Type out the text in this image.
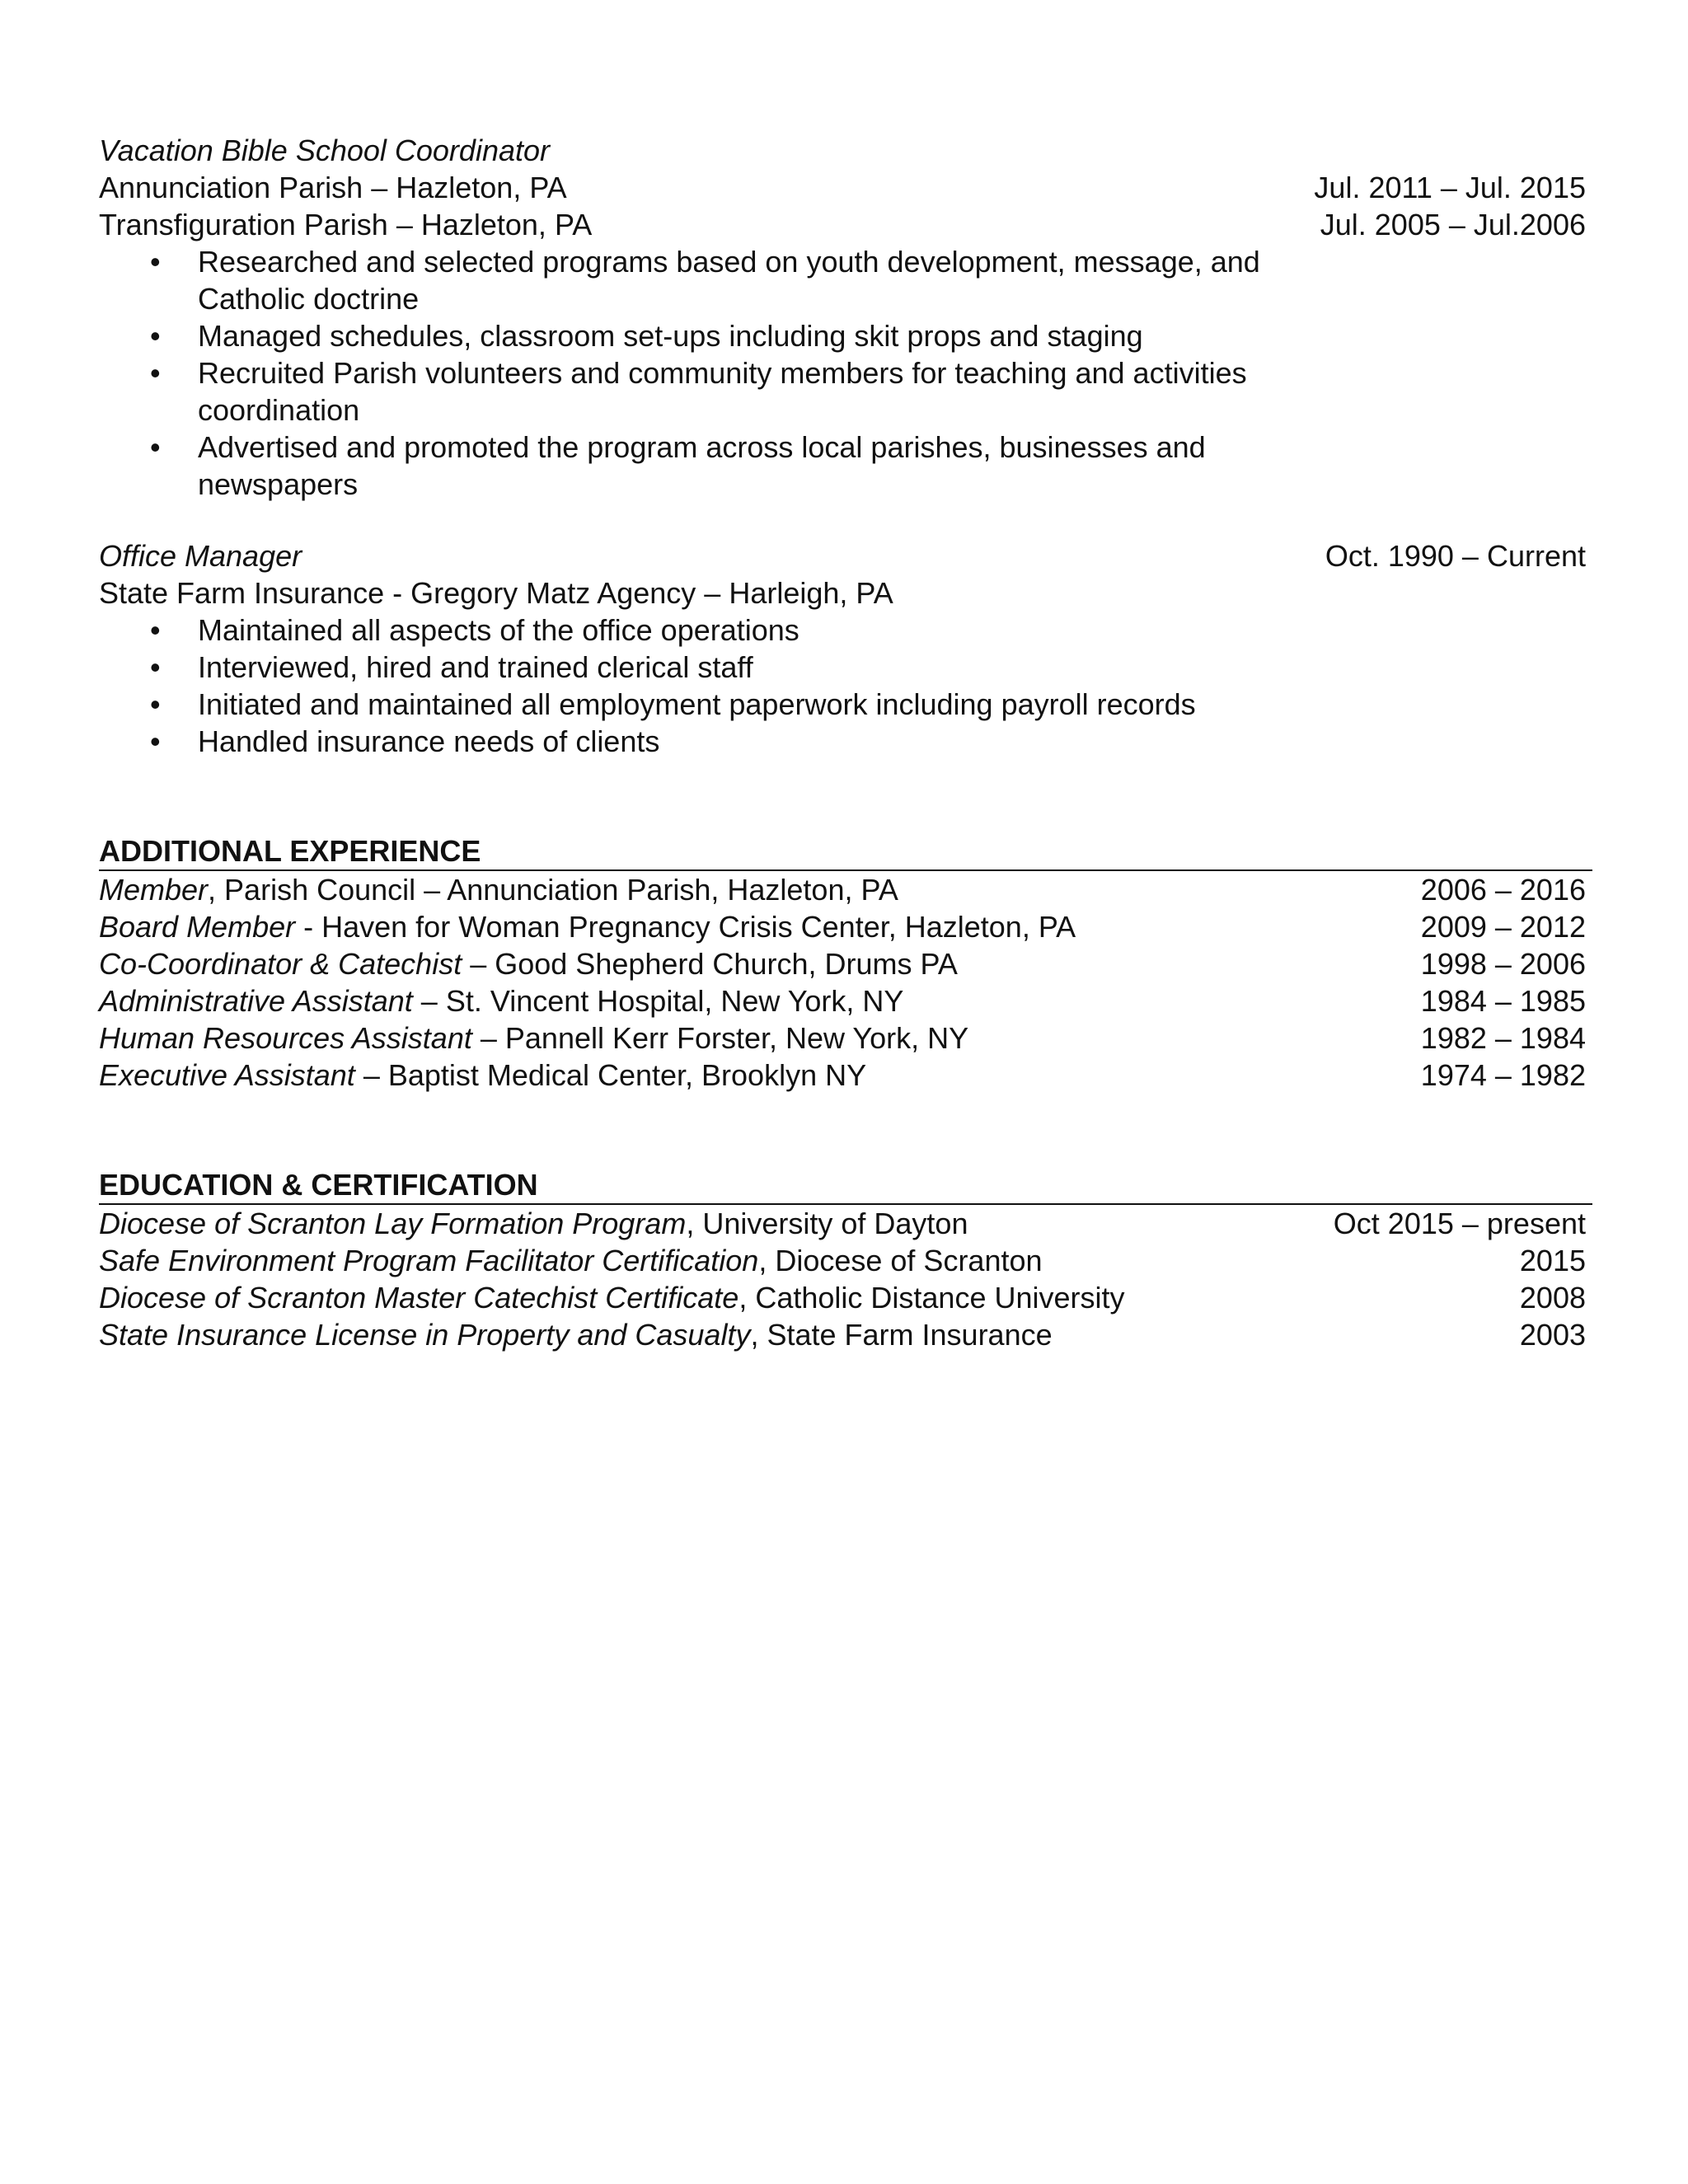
Vacation Bible School Coordinator
Annunciation Parish – Hazleton, PA	Jul. 2011 – Jul. 2015
Transfiguration Parish – Hazleton, PA	Jul. 2005 – Jul.2006
• Researched and selected programs based on youth development, message, and Catholic doctrine
• Managed schedules, classroom set-ups including skit props and staging
• Recruited Parish volunteers and community members for teaching and activities coordination
• Advertised and promoted the program across local parishes, businesses and newspapers
Office Manager	Oct. 1990 – Current
State Farm Insurance - Gregory Matz Agency – Harleigh, PA
• Maintained all aspects of the office operations
• Interviewed, hired and trained clerical staff
• Initiated and maintained all employment paperwork including payroll records
• Handled insurance needs of clients
ADDITIONAL EXPERIENCE
Member, Parish Council – Annunciation Parish, Hazleton, PA	2006 – 2016
Board Member - Haven for Woman Pregnancy Crisis Center, Hazleton, PA	2009 – 2012
Co-Coordinator & Catechist – Good Shepherd Church, Drums PA	1998 – 2006
Administrative Assistant – St. Vincent Hospital, New York, NY	1984 – 1985
Human Resources Assistant – Pannell Kerr Forster, New York, NY	1982 – 1984
Executive Assistant – Baptist Medical Center, Brooklyn NY	1974 – 1982
EDUCATION & CERTIFICATION
Diocese of Scranton Lay Formation Program, University of Dayton	Oct 2015 – present
Safe Environment Program Facilitator Certification, Diocese of Scranton	2015
Diocese of Scranton Master Catechist Certificate, Catholic Distance University	2008
State Insurance License in Property and Casualty, State Farm Insurance	2003
